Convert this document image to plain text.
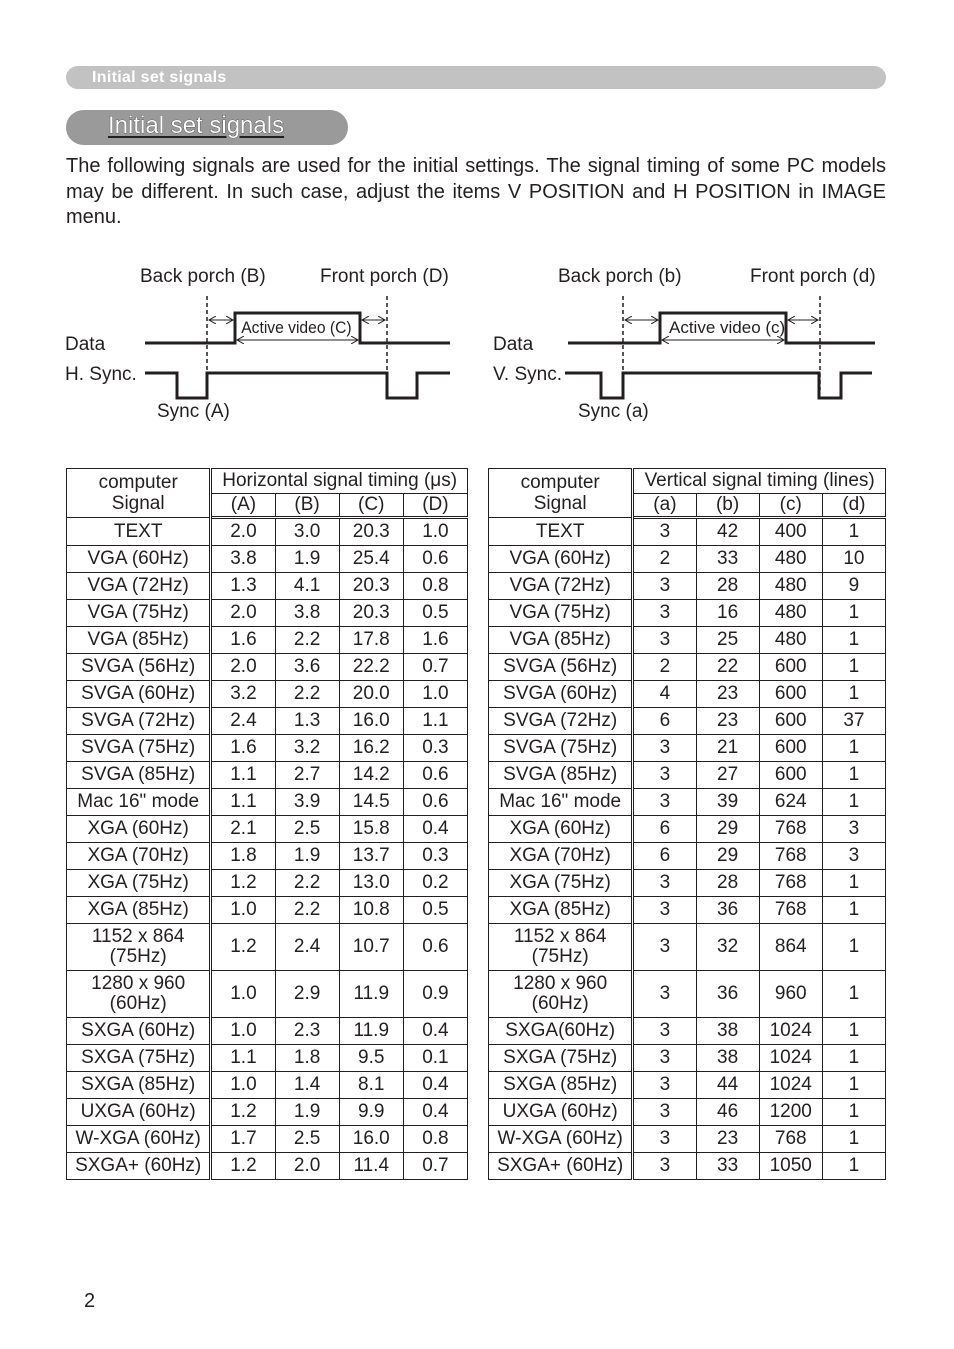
Initial set signals
Initial set signals

The following signals are used for the initial settings. The signal timing of some PC models may be different. In such case, adjust the items V POSITION and H POSITION in IMAGE menu.

Back porch (B)	Front porch (D)
Data
H. Sync.
Sync (A)
Active video (C)
Back porch (b)	Front porch (d)
Data
V. Sync.
Sync (a)
Active video (c)
computer
Signal	Horizontal signal timing (μs)			
	(A)	(B)	(C)	(D)
TEXT	2.0	3.0	20.3	1.0
VGA (60Hz)	3.8	1.9	25.4	0.6
VGA (72Hz)	1.3	4.1	20.3	0.8
VGA (75Hz)	2.0	3.8	20.3	0.5
VGA (85Hz)	1.6	2.2	17.8	1.6
SVGA (56Hz)	2.0	3.6	22.2	0.7
SVGA (60Hz)	3.2	2.2	20.0	1.0
SVGA (72Hz)	2.4	1.3	16.0	1.1
SVGA (75Hz)	1.6	3.2	16.2	0.3
SVGA (85Hz)	1.1	2.7	14.2	0.6
Mac 16" mode	1.1	3.9	14.5	0.6
XGA (60Hz)	2.1	2.5	15.8	0.4
XGA (70Hz)	1.8	1.9	13.7	0.3
XGA (75Hz)	1.2	2.2	13.0	0.2
XGA (85Hz)	1.0	2.2	10.8	0.5
1152 x 864
(75Hz)	1.2	2.4	10.7	0.6
1280 x 960
(60Hz)	1.0	2.9	11.9	0.9
SXGA (60Hz)	1.0	2.3	11.9	0.4
SXGA (75Hz)	1.1	1.8	9.5	0.1
SXGA (85Hz)	1.0	1.4	8.1	0.4
UXGA (60Hz)	1.2	1.9	9.9	0.4
W-XGA (60Hz)	1.7	2.5	16.0	0.8
SXGA+ (60Hz)	1.2	2.0	11.4	0.7
computer
Signal	Vertical signal timing (lines)			
	(a)	(b)	(c)	(d)
TEXT	3	42	400	1
VGA (60Hz)	2	33	480	10
VGA (72Hz)	3	28	480	9
VGA (75Hz)	3	16	480	1
VGA (85Hz)	3	25	480	1
SVGA (56Hz)	2	22	600	1
SVGA (60Hz)	4	23	600	1
SVGA (72Hz)	6	23	600	37
SVGA (75Hz)	3	21	600	1
SVGA (85Hz)	3	27	600	1
Mac 16" mode	3	39	624	1
XGA (60Hz)	6	29	768	3
XGA (70Hz)	6	29	768	3
XGA (75Hz)	3	28	768	1
XGA (85Hz)	3	36	768	1
1152 x 864
(75Hz)	3	32	864	1
1280 x 960
(60Hz)	3	36	960	1
SXGA(60Hz)	3	38	1024	1
SXGA (75Hz)	3	38	1024	1
SXGA (85Hz)	3	44	1024	1
UXGA (60Hz)	3	46	1200	1
W-XGA (60Hz)	3	23	768	1
SXGA+ (60Hz)	3	33	1050	1
2
